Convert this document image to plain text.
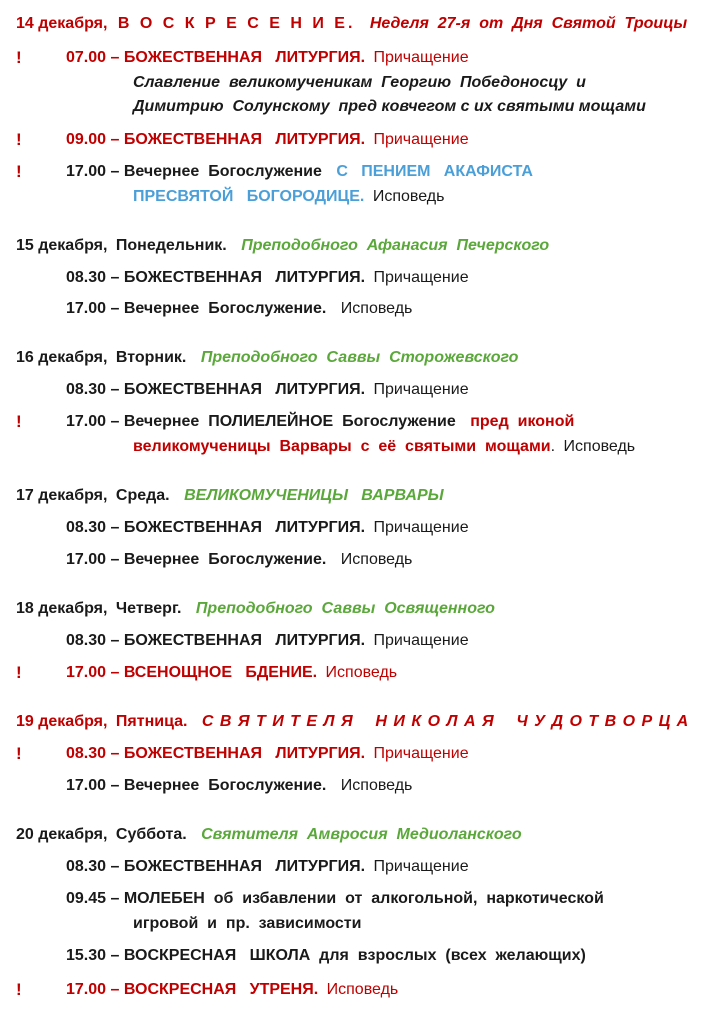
14 декабря, В О С К Р Е С Е Н И Е. Неделя  27-я  от  Дня  Святой  Троицы
!	07.00 – БОЖЕСТВЕННАЯ   ЛИТУРГИЯ. Причащение
Славление  великомученикам  Георгию  Победоносцу  и
Димитрию  Солунскому  пред ковчегом с их святыми мощами
!	09.00 – БОЖЕСТВЕННАЯ   ЛИТУРГИЯ. Причащение
!	17.00 – Вечернее  Богослужение С   ПЕНИЕМ   АКАФИСТА
ПРЕСВЯТОЙ   БОГОРОДИЦЕ. Исповедь
15 декабря, Понедельник. Преподобного  Афанасия  Печерского
08.30 – БОЖЕСТВЕННАЯ   ЛИТУРГИЯ. Причащение
17.00 – Вечернее  Богослужение. Исповедь
16 декабря, Вторник. Преподобного  Саввы  Сторожевского
08.30 – БОЖЕСТВЕННАЯ   ЛИТУРГИЯ. Причащение
!	17.00 – Вечернее  ПОЛИЕЛЕЙНОЕ  Богослужение пред  иконой
великомученицы  Варвары  с  её  святыми  мощами. Исповедь
17 декабря, Среда. ВЕЛИКОМУЧЕНИЦЫ   ВАРВАРЫ
08.30 – БОЖЕСТВЕННАЯ   ЛИТУРГИЯ. Причащение
17.00 – Вечернее  Богослужение. Исповедь
18 декабря, Четверг. Преподобного  Саввы  Освященного
08.30 – БОЖЕСТВЕННАЯ   ЛИТУРГИЯ. Причащение
!	17.00 – ВСЕНОЩНОЕ   БДЕНИЕ. Исповедь
19 декабря, Пятница. С В Я Т И Т Е Л Я    Н И К О Л А Я    Ч У Д О Т В О Р Ц А
!	08.30 – БОЖЕСТВЕННАЯ   ЛИТУРГИЯ. Причащение
17.00 – Вечернее  Богослужение. Исповедь
20 декабря, Суббота. Святителя  Амвросия  Медиоланского
08.30 – БОЖЕСТВЕННАЯ   ЛИТУРГИЯ. Причащение
09.45 – МОЛЕБЕН  об  избавлении  от  алкогольной,  наркотической
игровой  и  пр.  зависимости
15.30 – ВОСКРЕСНАЯ   ШКОЛА  для  взрослых  (всех  желающих)
!	17.00 – ВОСКРЕСНАЯ   УТРЕНЯ. Исповедь
